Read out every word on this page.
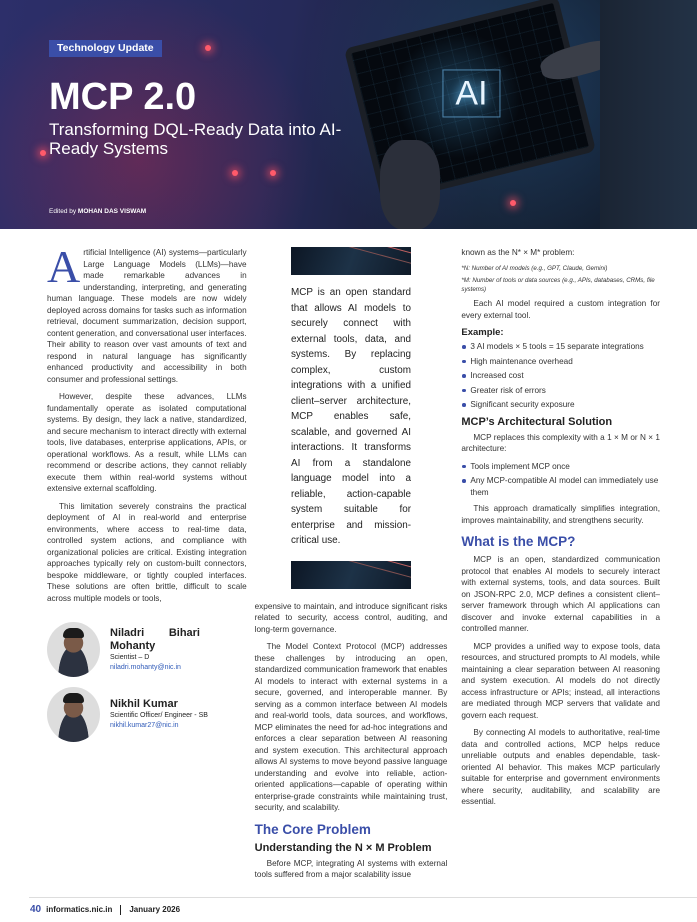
AI
Technology Update
MCP 2.0
Transforming DQL-Ready Data into AI-Ready Systems
Edited by MOHAN DAS VISWAM

Artificial Intelligence (AI) systems—particularly Large Language Models (LLMs)—have made remarkable advances in understanding, interpreting, and generating human language. These models are now widely deployed across domains for tasks such as information retrieval, document summarization, decision support, content generation, and conversational user interfaces. Their ability to reason over vast amounts of text and respond in natural language has significantly enhanced productivity and accessibility in both consumer and professional settings.

However, despite these advances, LLMs fundamentally operate as isolated computational systems. By design, they lack a native, standardized, and secure mechanism to interact directly with external tools, live databases, enterprise applications, APIs, or operational workflows. As a result, while LLMs can recommend or describe actions, they cannot reliably execute them within real-world systems without extensive external scaffolding.

This limitation severely constrains the practical deployment of AI in real-world and enterprise environments, where access to real-time data, controlled system actions, and compliance with organizational policies are critical. Existing integration approaches typically rely on custom-built connectors, bespoke middleware, or tightly coupled interfaces. These solutions are often brittle, difficult to scale across multiple models or tools,

Niladri Bihari Mohanty
Scientist – D
niladri.mohanty@nic.in
Nikhil Kumar
Scientific Officer/ Engineer - SB
nikhil.kumar27@nic.in
MCP is an open standard that allows AI models to securely connect with external tools, data, and systems. By replacing complex, custom integrations with a unified client–server architecture, MCP enables safe, scalable, and governed AI interactions. It transforms AI from a standalone language model into a reliable, action-capable system suitable for enterprise and mission-critical use.

expensive to maintain, and introduce significant risks related to security, access control, auditing, and long-term governance.

The Model Context Protocol (MCP) addresses these challenges by introducing an open, standardized communication framework that enables AI models to interact with external systems in a secure, governed, and interoperable manner. By serving as a common interface between AI models and real-world tools, data sources, and workflows, MCP eliminates the need for ad-hoc integrations and enforces a clear separation between AI reasoning and system execution. This architectural approach allows AI systems to move beyond passive language understanding and evolve into reliable, action-oriented applications—capable of operating within enterprise-grade constraints while maintaining trust, security, and scalability.

The Core Problem
Understanding the N × M Problem

Before MCP, integrating AI systems with external tools suffered from a major scalability issue

known as the N* × M* problem:

*N: Number of AI models (e.g., GPT, Claude, Gemini)
*M: Number of tools or data sources (e.g., APIs, databases, CRMs, file systems)

Each AI model required a custom integration for every external tool.

Example:
3 AI models × 5 tools = 15 separate integrations
High maintenance overhead
Increased cost
Greater risk of errors
Significant security exposure
MCP’s Architectural Solution

MCP replaces this complexity with a 1 × M or N × 1 architecture:

Tools implement MCP once
Any MCP-compatible AI model can immediately use them

This approach dramatically simplifies integration, improves maintainability, and strengthens security.

What is the MCP?

MCP is an open, standardized communication protocol that enables AI models to securely interact with external systems, tools, and data sources. Built on JSON-RPC 2.0, MCP defines a consistent client–server framework through which AI applications can discover and invoke external capabilities in a controlled manner.

MCP provides a unified way to expose tools, data resources, and structured prompts to AI models, while maintaining a clear separation between AI reasoning and system execution. AI models do not directly access infrastructure or APIs; instead, all interactions are mediated through MCP servers that validate and govern each request.

By connecting AI models to authoritative, real-time data and controlled actions, MCP helps reduce unreliable outputs and enables dependable, task-oriented AI behavior. This makes MCP particularly suitable for enterprise and government environments where security, auditability, and scalability are essential.

40 informatics.nic.in January 2026
